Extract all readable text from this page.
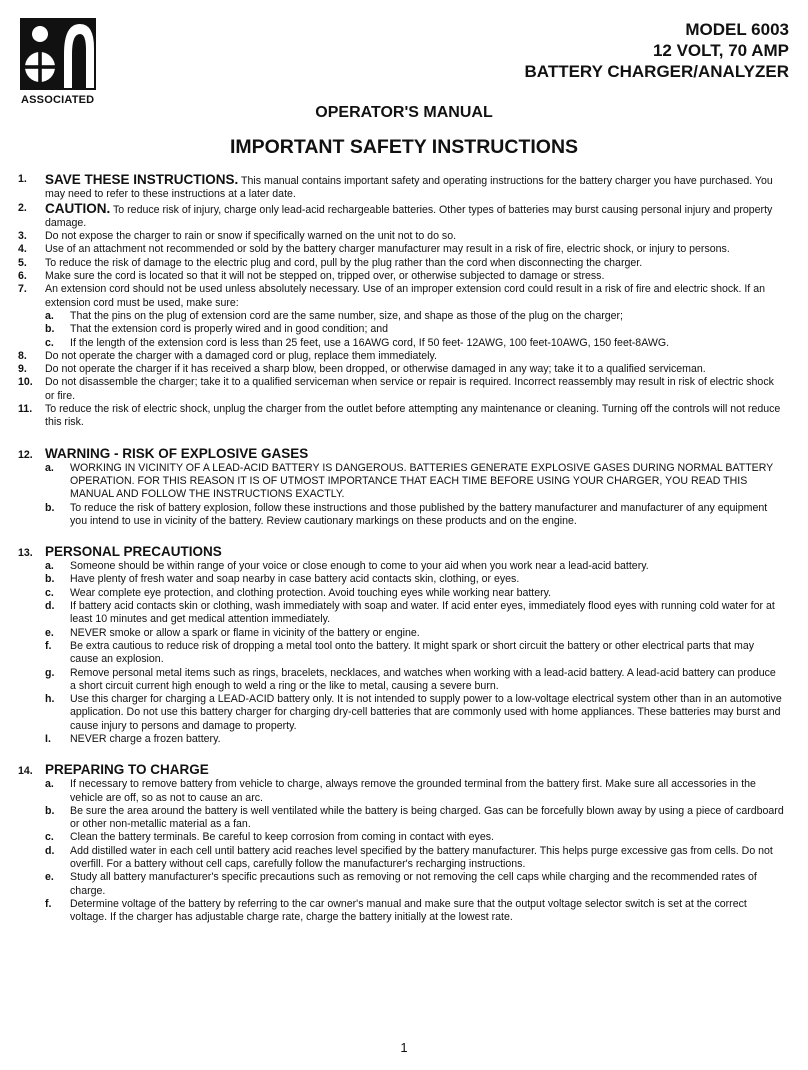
ASSOCIATED
MODEL 6003
12 VOLT, 70 AMP
BATTERY CHARGER/ANALYZER
OPERATOR'S MANUAL
IMPORTANT SAFETY INSTRUCTIONS
1. SAVE THESE INSTRUCTIONS. This manual contains important safety and operating instructions for the battery charger you have purchased. You may need to refer to these instructions at a later date.
2. CAUTION. To reduce risk of injury, charge only lead-acid rechargeable batteries. Other types of batteries may burst causing personal injury and property damage.
3. Do not expose the charger to rain or snow if specifically warned on the unit not to do so.
4. Use of an attachment not recommended or sold by the battery charger manufacturer may result in a risk of fire, electric shock, or injury to persons.
5. To reduce the risk of damage to the electric plug and cord, pull by the plug rather than the cord when disconnecting the charger.
6. Make sure the cord is located so that it will not be stepped on, tripped over, or otherwise subjected to damage or stress.
7. An extension cord should not be used unless absolutely necessary. Use of an improper extension cord could result in a risk of fire and electric shock. If an extension cord must be used, make sure:
a. That the pins on the plug of extension cord are the same number, size, and shape as those of the plug on the charger;
b. That the extension cord is properly wired and in good condition; and
c. If the length of the extension cord is less than 25 feet, use a 16AWG cord, If 50 feet- 12AWG, 100 feet-10AWG, 150 feet-8AWG.
8. Do not operate the charger with a damaged cord or plug, replace them immediately.
9. Do not operate the charger if it has received a sharp blow, been dropped, or otherwise damaged in any way; take it to a qualified serviceman.
10. Do not disassemble the charger; take it to a qualified serviceman when service or repair is required. Incorrect reassembly may result in risk of electric shock or fire.
11. To reduce the risk of electric shock, unplug the charger from the outlet before attempting any maintenance or cleaning. Turning off the controls will not reduce this risk.
12. WARNING - RISK OF EXPLOSIVE GASES
a. WORKING IN VICINITY OF A LEAD-ACID BATTERY IS DANGEROUS. BATTERIES GENERATE EXPLOSIVE GASES DURING NORMAL BATTERY OPERATION. FOR THIS REASON IT IS OF UTMOST IMPORTANCE THAT EACH TIME BEFORE USING YOUR CHARGER, YOU READ THIS MANUAL AND FOLLOW THE INSTRUCTIONS EXACTLY.
b. To reduce the risk of battery explosion, follow these instructions and those published by the battery manufacturer and manufacturer of any equipment you intend to use in vicinity of the battery. Review cautionary markings on these products and on the engine.
13. PERSONAL PRECAUTIONS
a. Someone should be within range of your voice or close enough to come to your aid when you work near a lead-acid battery.
b. Have plenty of fresh water and soap nearby in case battery acid contacts skin, clothing, or eyes.
c. Wear complete eye protection, and clothing protection. Avoid touching eyes while working near battery.
d. If battery acid contacts skin or clothing, wash immediately with soap and water. If acid enter eyes, immediately flood eyes with running cold water for at least 10 minutes and get medical attention immediately.
e. NEVER smoke or allow a spark or flame in vicinity of the battery or engine.
f. Be extra cautious to reduce risk of dropping a metal tool onto the battery. It might spark or short circuit the battery or other electrical parts that may cause an explosion.
g. Remove personal metal items such as rings, bracelets, necklaces, and watches when working with a lead-acid battery. A lead-acid battery can produce a short circuit current high enough to weld a ring or the like to metal, causing a severe burn.
h. Use this charger for charging a LEAD-ACID battery only. It is not intended to supply power to a low-voltage electrical system other than in an automotive application. Do not use this battery charger for charging dry-cell batteries that are commonly used with home appliances. These batteries may burst and cause injury to persons and damage to property.
I. NEVER charge a frozen battery.
14. PREPARING TO CHARGE
a. If necessary to remove battery from vehicle to charge, always remove the grounded terminal from the battery first. Make sure all accessories in the vehicle are off, so as not to cause an arc.
b. Be sure the area around the battery is well ventilated while the battery is being charged. Gas can be forcefully blown away by using a piece of cardboard or other non-metallic material as a fan.
c. Clean the battery terminals. Be careful to keep corrosion from coming in contact with eyes.
d. Add distilled water in each cell until battery acid reaches level specified by the battery manufacturer. This helps purge excessive gas from cells. Do not overfill. For a battery without cell caps, carefully follow the manufacturer's recharging instructions.
e. Study all battery manufacturer's specific precautions such as removing or not removing the cell caps while charging and the recommended rates of charge.
f. Determine voltage of the battery by referring to the car owner's manual and make sure that the output voltage selector switch is set at the correct voltage. If the charger has adjustable charge rate, charge the battery initially at the lowest rate.
1
